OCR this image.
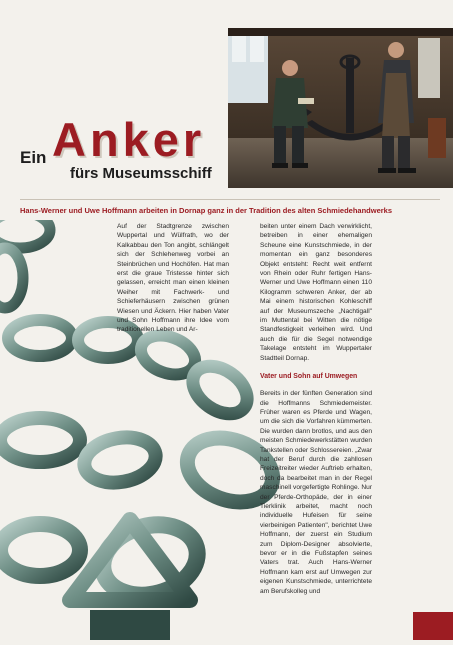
Anker
Ein
fürs Museumsschiff
Hans-Werner und Uwe Hoffmann arbeiten in Dornap ganz in der Tradition des alten Schmiedehandwerks

Auf der Stadtgrenze zwischen Wuppertal und Wülfrath, wo der Kalkabbau den Ton angibt, schlängelt sich der Schlehenweg vorbei an Steinbrüchen und Hochöfen. Hat man erst die graue Tristesse hinter sich gelassen, erreicht man einen kleinen Weiher mit Fachwerk- und Schieferhäusern zwischen grünen Wiesen und Äckern. Hier haben Vater und Sohn Hoffmann ihre Idee vom traditionellen Leben und Ar-

beiten unter einem Dach verwirklicht, betreiben in einer ehemaligen Scheune eine Kunstschmiede, in der momentan ein ganz besonderes Objekt entsteht: Recht weit entfernt von Rhein oder Ruhr fertigen Hans-Werner und Uwe Hoffmann einen 110 Kilogramm schweren Anker, der ab Mai einem historischen Kohleschiff auf der Museumszeche „Nachtigall" im Muttental bei Witten die nötige Standfestigkeit verleihen wird. Und auch die für die Segel notwendige Takelage entsteht im Wuppertaler Stadtteil Dornap.

Vater und Sohn auf Umwegen

Bereits in der fünften Generation sind die Hoffmanns Schmiedemeister. Früher waren es Pferde und Wagen, um die sich die Vorfahren kümmerten. Die wurden dann brotlos, und aus den meisten Schmiedewerkstätten wurden Tankstellen oder Schlossereien. „Zwar hat der Beruf durch die zahllosen Freizeitreiter wieder Auftrieb erhalten, doch da bearbeitet man in der Regel maschinell vorgefertigte Rohlinge. Nur der Pferde-Orthopäde, der in einer Tierklinik arbeitet, macht noch individuelle Hufeisen für seine vierbeinigen Patienten", berichtet Uwe Hoffmann, der zuerst ein Studium zum Diplom-Designer absolvierte, bevor er in die Fußstapfen seines Vaters trat. Auch Hans-Werner Hoffmann kam erst auf Umwegen zur eigenen Kunstschmiede, unterrichtete am Berufskolleg und
